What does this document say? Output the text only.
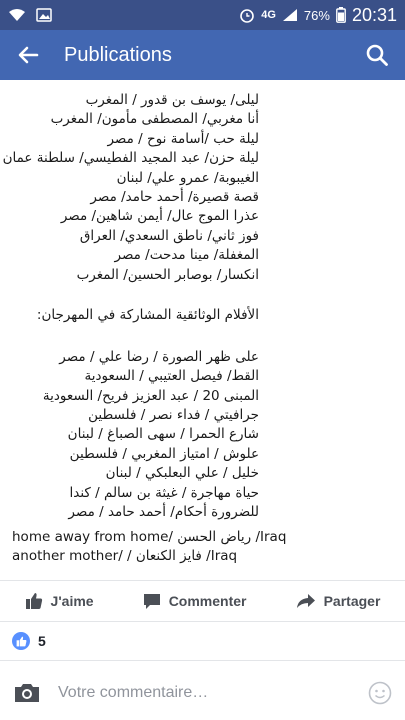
4G 76% 20:31
Publications
ليلى/ يوسف بن قدور / المغرب
أنا مغربي/ المصطفى مأمون/ المغرب
ليلة حب /أسامة نوح / مصر
ليلة حزن/ عبد المجيد الفطيسي/ سلطنة عمان
الغيبوبة/ عمرو علي/ لبنان
قصة قصيرة/ أحمد حامد/ مصر
عذرا الموج عال/ أيمن شاهين/ مصر
فوز ثاني/ ناطق السعدي/ العراق
المغفلة/ مينا مدحت/ مصر
انكسار/ بوصابر الحسين/ المغرب
الأفلام الوثائقية المشاركة في المهرجان:
على ظهر الصورة / رضا علي / مصر
القط/ فيصل العتيبي / السعودية
المبنى 20 / عبد العزيز فريح/ السعودية
جرافيتي / فداء نصر / فلسطين
شارع الحمرا / سهى الصباغ / لبنان
علوش / امتياز المغربي / فلسطين
خليل / علي البعلبكي / لبنان
حياة مهاجرة / غيثة بن سالم / كندا
للضرورة أحكام/ أحمد حامد / مصر
home away from home/ رياض الحسن /Iraq
another mother/ / فايز الكنعان /Iraq
J'aime	Commenter	Partager
5
Votre commentaire…
